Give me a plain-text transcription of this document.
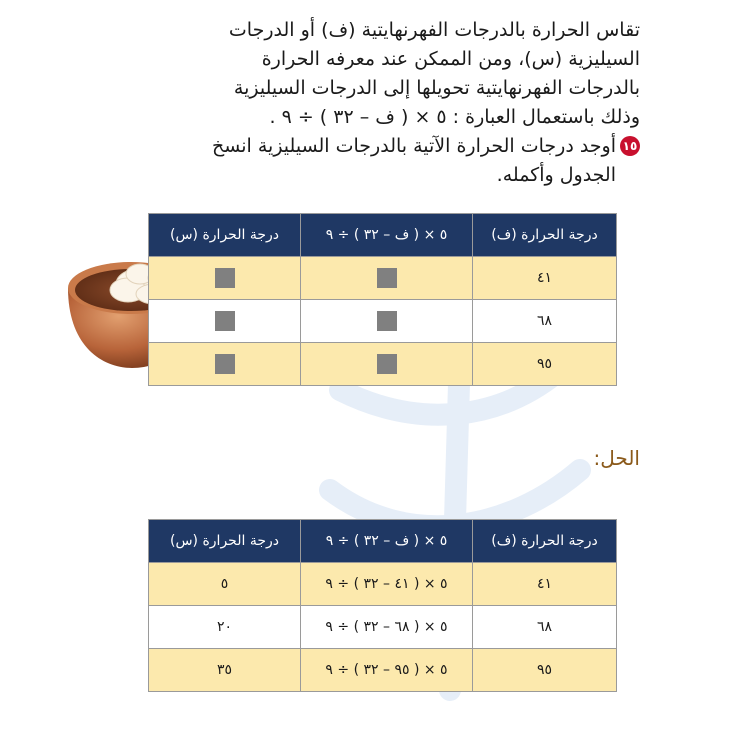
تقاس الحرارة بالدرجات الفهرنهايتية (ف) أو الدرجات

السيليزية (س)، ومن الممكن عند معرفه الحرارة

بالدرجات الفهرنهايتية تحويلها إلى الدرجات السيليزية

وذلك باستعمال العبارة : ٥ × ( ف – ٣٢ ) ÷ ٩ .

١٥

أوجد درجات الحرارة الآتية بالدرجات السيليزية انسخ

الجدول وأكمله.

درجة الحرارة (ف)	٥ × ( ف – ٣٢ ) ÷ ٩	درجة الحرارة (س)
٤١		
٦٨		
٩٥		

الحل:

درجة الحرارة (ف)	٥ × ( ف – ٣٢ ) ÷ ٩	درجة الحرارة (س)
٤١	٥ × ( ٤١ – ٣٢ ) ÷ ٩	٥
٦٨	٥ × ( ٦٨ – ٣٢ ) ÷ ٩	٢٠
٩٥	٥ × ( ٩٥ – ٣٢ ) ÷ ٩	٣٥
